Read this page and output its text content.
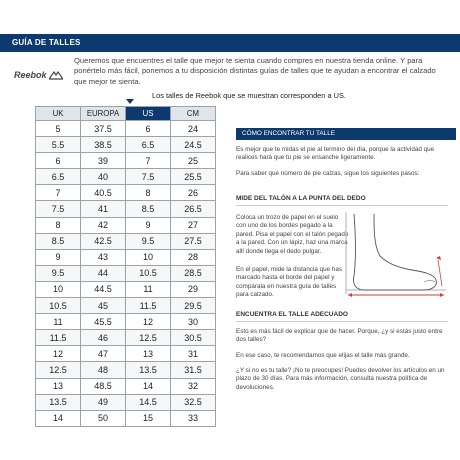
GUÍA DE TALLES
Reebok
Queremos que encuentres el talle que mejor te sienta cuando compres en nuestra tienda online. Y para ponértelo más fácil, ponemos a tu disposición distintas guías de talles que te ayudan a encontrar el calzado que mejor te sienta.
Los talles de Reebok que se muestran corresponden a US.
UK	EUROPA	US	CM
5	37.5	6	24
5.5	38.5	6.5	24.5
6	39	7	25
6.5	40	7.5	25.5
7	40.5	8	26
7.5	41	8.5	26.5
8	42	9	27
8.5	42.5	9.5	27.5
9	43	10	28
9.5	44	10.5	28.5
10	44.5	11	29
10.5	45	11.5	29.5
11	45.5	12	30
11.5	46	12.5	30.5
12	47	13	31
12.5	48	13.5	31.5
13	48.5	14	32
13.5	49	14.5	32.5
14	50	15	33
CÓMO ENCONTRAR TU TALLE
Es mejor que te midas el pie al termino del día, porque la actividad que realices hará que tu pie se ensanche ligeramente.
Para saber qué número de pie calzas, sigue los siguientes pasos:
MIDE DEL TALÓN A LA PUNTA DEL DEDO
Coloca un trozo de papel en el suelo con uno de los bordes pegado a la pared. Pisa el papel con el talón pegado a la pared. Con un lápiz, haz una marca allí donde llega el dedo pulgar.
En el papel, mide la distancia que has marcado hasta el borde del papel y compárala en nuestra guía de talles para calzado.
ENCUENTRA EL TALLE ADECUADO
Esto es más fácil de explicar que de hacer. Porque, ¿y si estás justo entre dos talles?
En ese caso, te recomendamos que elijas el talle más grande.
¿Y si no es tu talle? ¡No te preocupes! Puedes devolver los artículos en un plazo de 30 días. Para más información, consulta nuestra política de devoluciones.
